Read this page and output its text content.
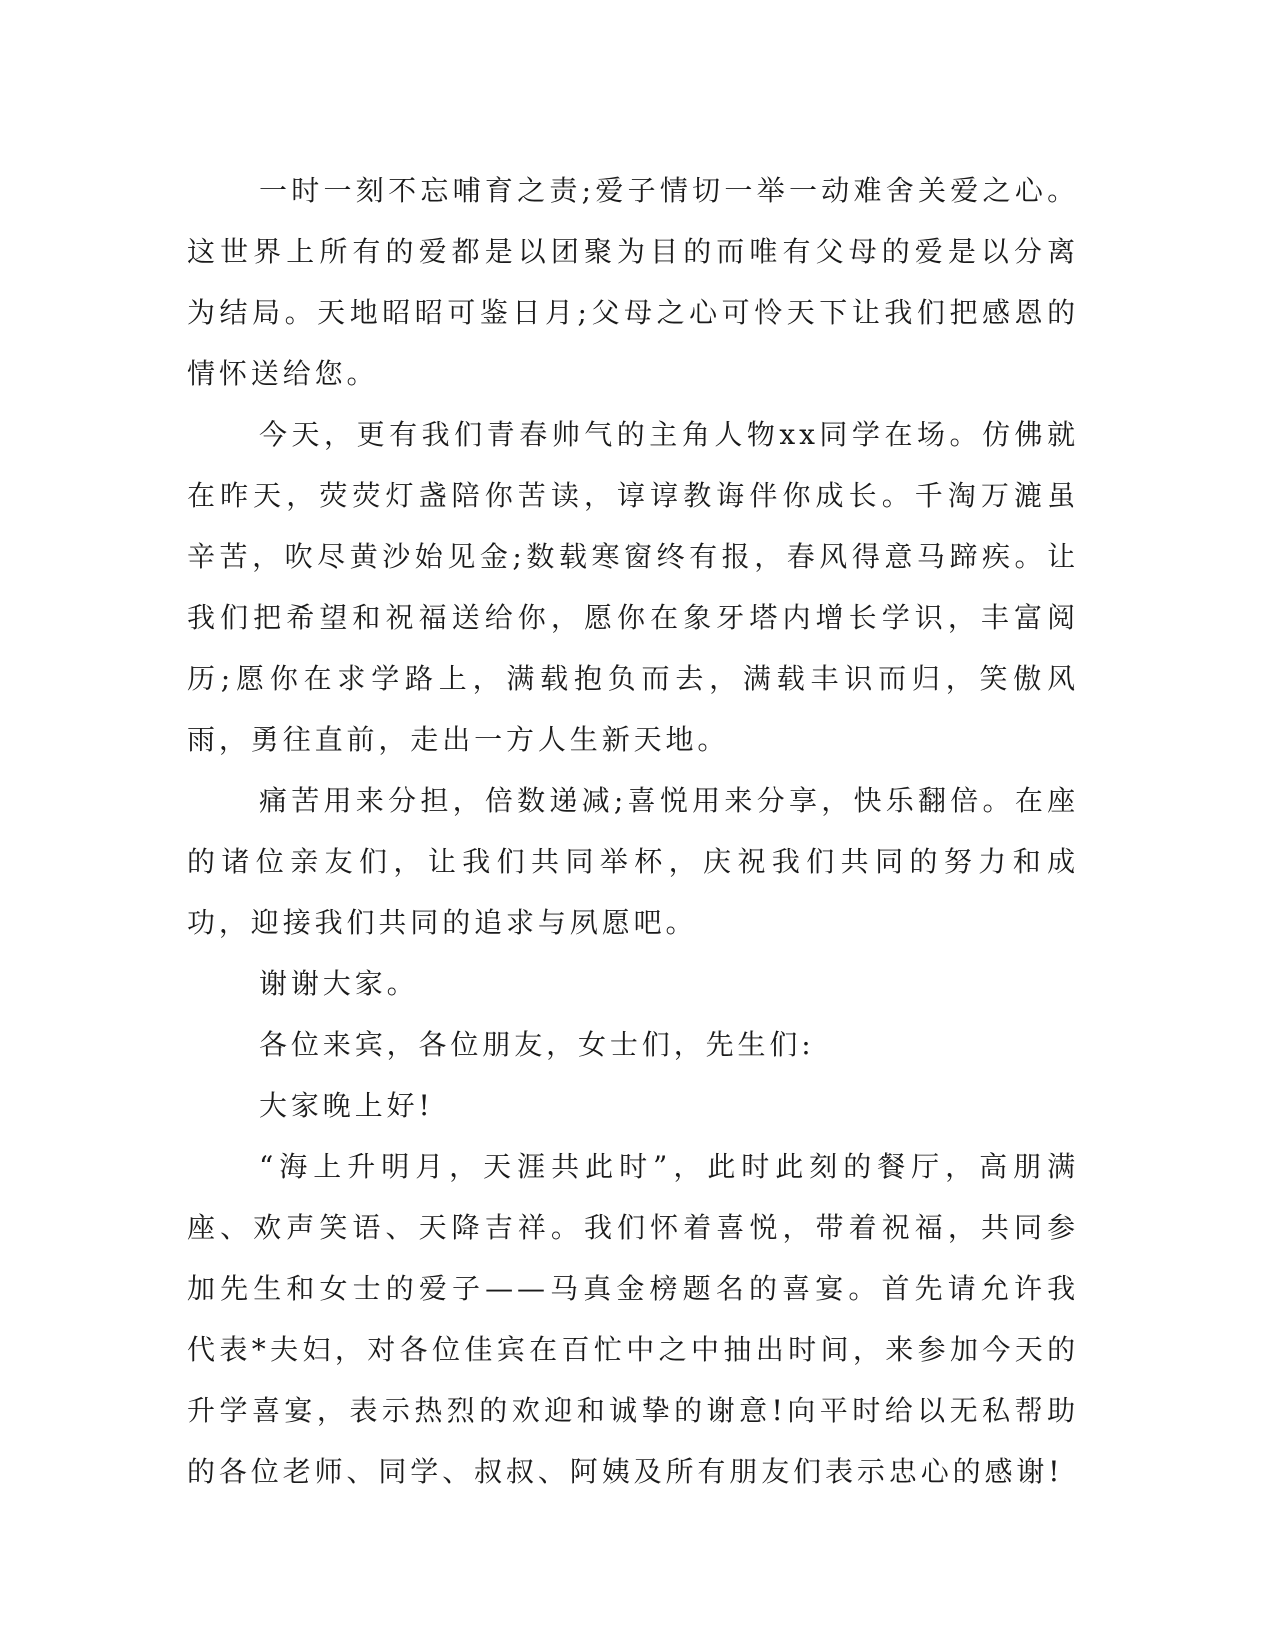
一时一刻不忘哺育之责;爱子情切一举一动难舍关爱之心。这世界上所有的爱都是以团聚为目的而唯有父母的爱是以分离为结局。天地昭昭可鉴日月;父母之心可怜天下让我们把感恩的情怀送给您。

今天，更有我们青春帅气的主角人物xx同学在场。仿佛就在昨天，荧荧灯盏陪你苦读，谆谆教诲伴你成长。千淘万漉虽辛苦，吹尽黄沙始见金;数载寒窗终有报，春风得意马蹄疾。让我们把希望和祝福送给你，愿你在象牙塔内增长学识，丰富阅历;愿你在求学路上，满载抱负而去，满载丰识而归，笑傲风雨，勇往直前，走出一方人生新天地。

痛苦用来分担，倍数递减;喜悦用来分享，快乐翻倍。在座的诸位亲友们，让我们共同举杯，庆祝我们共同的努力和成功，迎接我们共同的追求与夙愿吧。

谢谢大家。

各位来宾，各位朋友，女士们，先生们:

大家晚上好!

“海上升明月，天涯共此时”，此时此刻的餐厅，高朋满座、欢声笑语、天降吉祥。我们怀着喜悦，带着祝福，共同参加先生和女士的爱子——马真金榜题名的喜宴。首先请允许我代表*夫妇，对各位佳宾在百忙中之中抽出时间，来参加今天的升学喜宴，表示热烈的欢迎和诚挚的谢意!向平时给以无私帮助的各位老师、同学、叔叔、阿姨及所有朋友们表示忠心的感谢!
